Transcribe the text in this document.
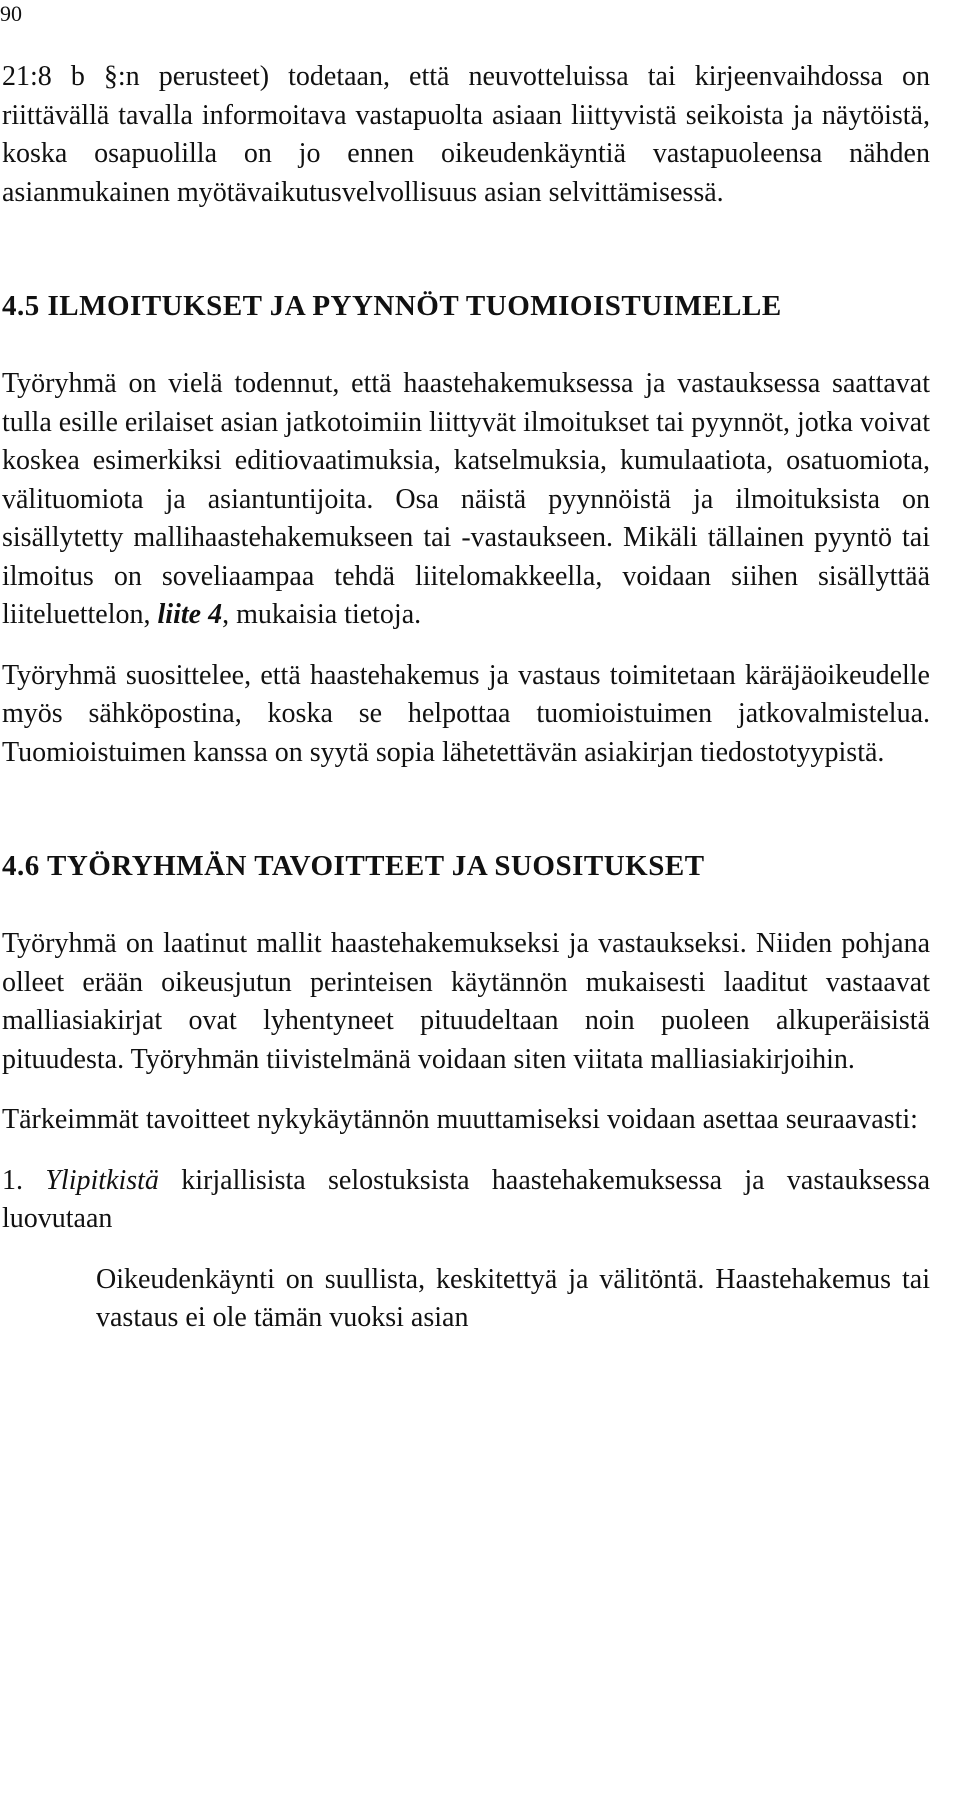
90

21:8 b §:n perusteet) todetaan, että neuvotteluissa tai kirjeenvaihdossa on riittävällä tavalla informoitava vastapuolta asiaan liittyvistä seikoista ja näytöistä, koska osapuolilla on jo ennen oikeudenkäyntiä vastapuoleensa nähden asianmukainen myötävaikutusvelvollisuus asian selvittämisessä.

4.5 ILMOITUKSET JA PYYNNÖT TUOMIOISTUIMELLE

Työryhmä on vielä todennut, että haastehakemuksessa ja vastauksessa saattavat tulla esille erilaiset asian jatkotoimiin liittyvät ilmoitukset tai pyynnöt, jotka voivat koskea esimerkiksi editiovaatimuksia, katselmuksia, kumulaatiota, osatuomiota, välituomiota ja asiantuntijoita. Osa näistä pyynnöistä ja ilmoituksista on sisällytetty mallihaastehakemukseen tai -vastaukseen. Mikäli tällainen pyyntö tai ilmoitus on soveliaampaa tehdä liitelomakkeella, voidaan siihen sisällyttää liiteluettelon, liite 4, mukaisia tietoja.

Työryhmä suosittelee, että haastehakemus ja vastaus toimitetaan käräjäoikeudelle myös sähköpostina, koska se helpottaa tuomioistuimen jatkovalmistelua. Tuomioistuimen kanssa on syytä sopia lähetettävän asiakirjan tiedostotyypistä.

4.6 TYÖRYHMÄN TAVOITTEET JA SUOSITUKSET

Työryhmä on laatinut mallit haastehakemukseksi ja vastaukseksi. Niiden pohjana olleet erään oikeusjutun perinteisen käytännön mukaisesti laaditut vastaavat malliasiakirjat ovat lyhentyneet pituudeltaan noin puoleen alkuperäisistä pituudesta. Työryhmän tiivistelmänä voidaan siten viitata malliasiakirjoihin.

Tärkeimmät tavoitteet nykykäytännön muuttamiseksi voidaan asettaa seuraavasti:

1. Ylipitkistä kirjallisista selostuksista haastehakemuksessa ja vastauksessa luovutaan

Oikeudenkäynti on suullista, keskitettyä ja välitöntä. Haastehakemus tai vastaus ei ole tämän vuoksi asian
